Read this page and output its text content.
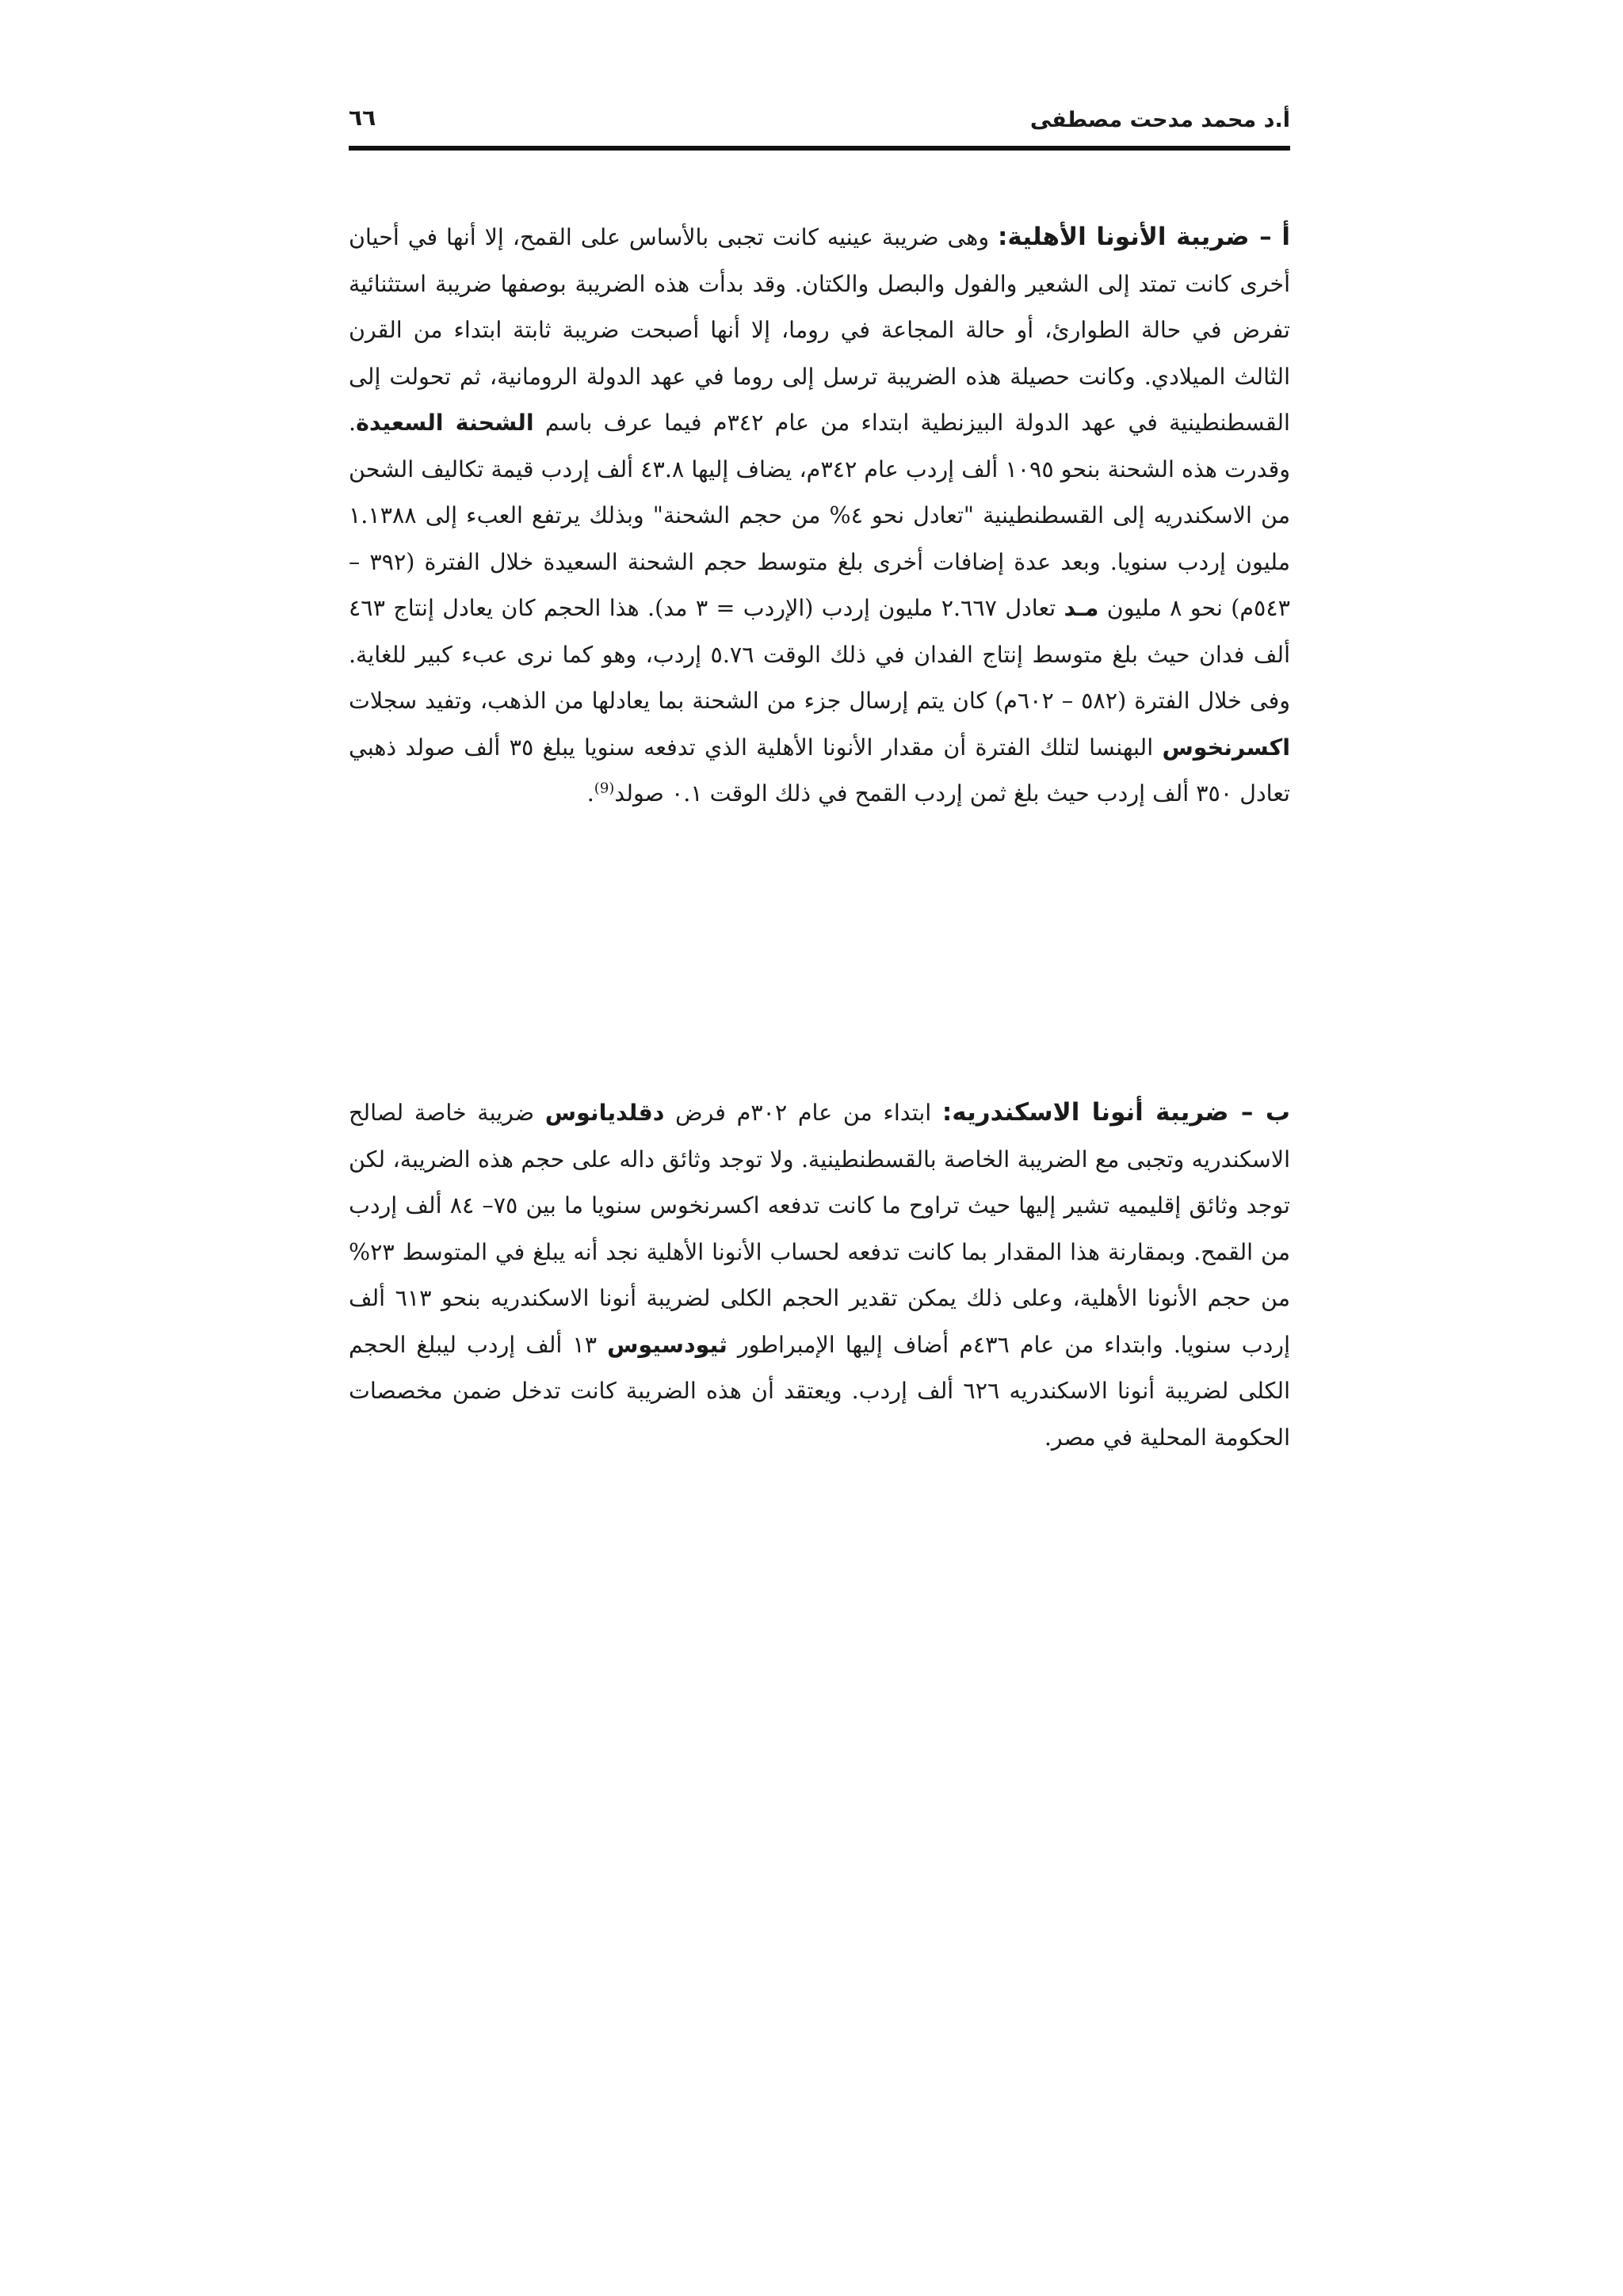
أ.د محمد مدحت مصطفى
٦٦

أ – ضريبة الأنونا الأهلية: وهى ضريبة عينيه كانت تجبى بالأساس على القمح، إلا أنها في أحيان أخرى كانت تمتد إلى الشعير والفول والبصل والكتان. وقد بدأت هذه الضريبة بوصفها ضريبة استثنائية تفرض في حالة الطوارئ، أو حالة المجاعة في روما، إلا أنها أصبحت ضريبة ثابتة ابتداء من القرن الثالث الميلادي. وكانت حصيلة هذه الضريبة ترسل إلى روما في عهد الدولة الرومانية، ثم تحولت إلى القسطنطينية في عهد الدولة البيزنطية ابتداء من عام ٣٤٢م فيما عرف باسم الشحنة السعيدة. وقدرت هذه الشحنة بنحو ١٠٩٥ ألف إردب عام ٣٤٢م، يضاف إليها ٤٣.٨ ألف إردب قيمة تكاليف الشحن من الاسكندريه إلى القسطنطينية "تعادل نحو ٤% من حجم الشحنة" وبذلك يرتفع العبء إلى ١.١٣٨٨ مليون إردب سنويا. وبعد عدة إضافات أخرى بلغ متوسط حجم الشحنة السعيدة خلال الفترة (٣٩٢ – ٥٤٣م) نحو ٨ مليون مـد تعادل ٢.٦٦٧ مليون إردب (الإردب = ٣ مد). هذا الحجم كان يعادل إنتاج ٤٦٣ ألف فدان حيث بلغ متوسط إنتاج الفدان في ذلك الوقت ٥.٧٦ إردب، وهو كما نرى عبء كبير للغاية. وفى خلال الفترة (٥٨٢ – ٦٠٢م) كان يتم إرسال جزء من الشحنة بما يعادلها من الذهب، وتفيد سجلات اكسرنخوس البهنسا لتلك الفترة أن مقدار الأنونا الأهلية الذي تدفعه سنويا يبلغ ٣٥ ألف صولد ذهبي تعادل ٣٥٠ ألف إردب حيث بلغ ثمن إردب القمح في ذلك الوقت ٠.١ صولد$^{(9)}$.

ب – ضريبة أنونا الاسكندريه: ابتداء من عام ٣٠٢م فرض دقلديانوس ضريبة خاصة لصالح الاسكندريه وتجبى مع الضريبة الخاصة بالقسطنطينية. ولا توجد وثائق داله على حجم هذه الضريبة، لكن توجد وثائق إقليميه تشير إليها حيث تراوح ما كانت تدفعه اكسرنخوس سنويا ما بين ٧٥– ٨٤ ألف إردب من القمح. وبمقارنة هذا المقدار بما كانت تدفعه لحساب الأنونا الأهلية نجد أنه يبلغ في المتوسط ٢٣% من حجم الأنونا الأهلية، وعلى ذلك يمكن تقدير الحجم الكلى لضريبة أنونا الاسكندريه بنحو ٦١٣ ألف إردب سنويا. وابتداء من عام ٤٣٦م أضاف إليها الإمبراطور ثيودسيوس ١٣ ألف إردب ليبلغ الحجم الكلى لضريبة أنونا الاسكندريه ٦٢٦ ألف إردب. ويعتقد أن هذه الضريبة كانت تدخل ضمن مخصصات الحكومة المحلية في مصر.
